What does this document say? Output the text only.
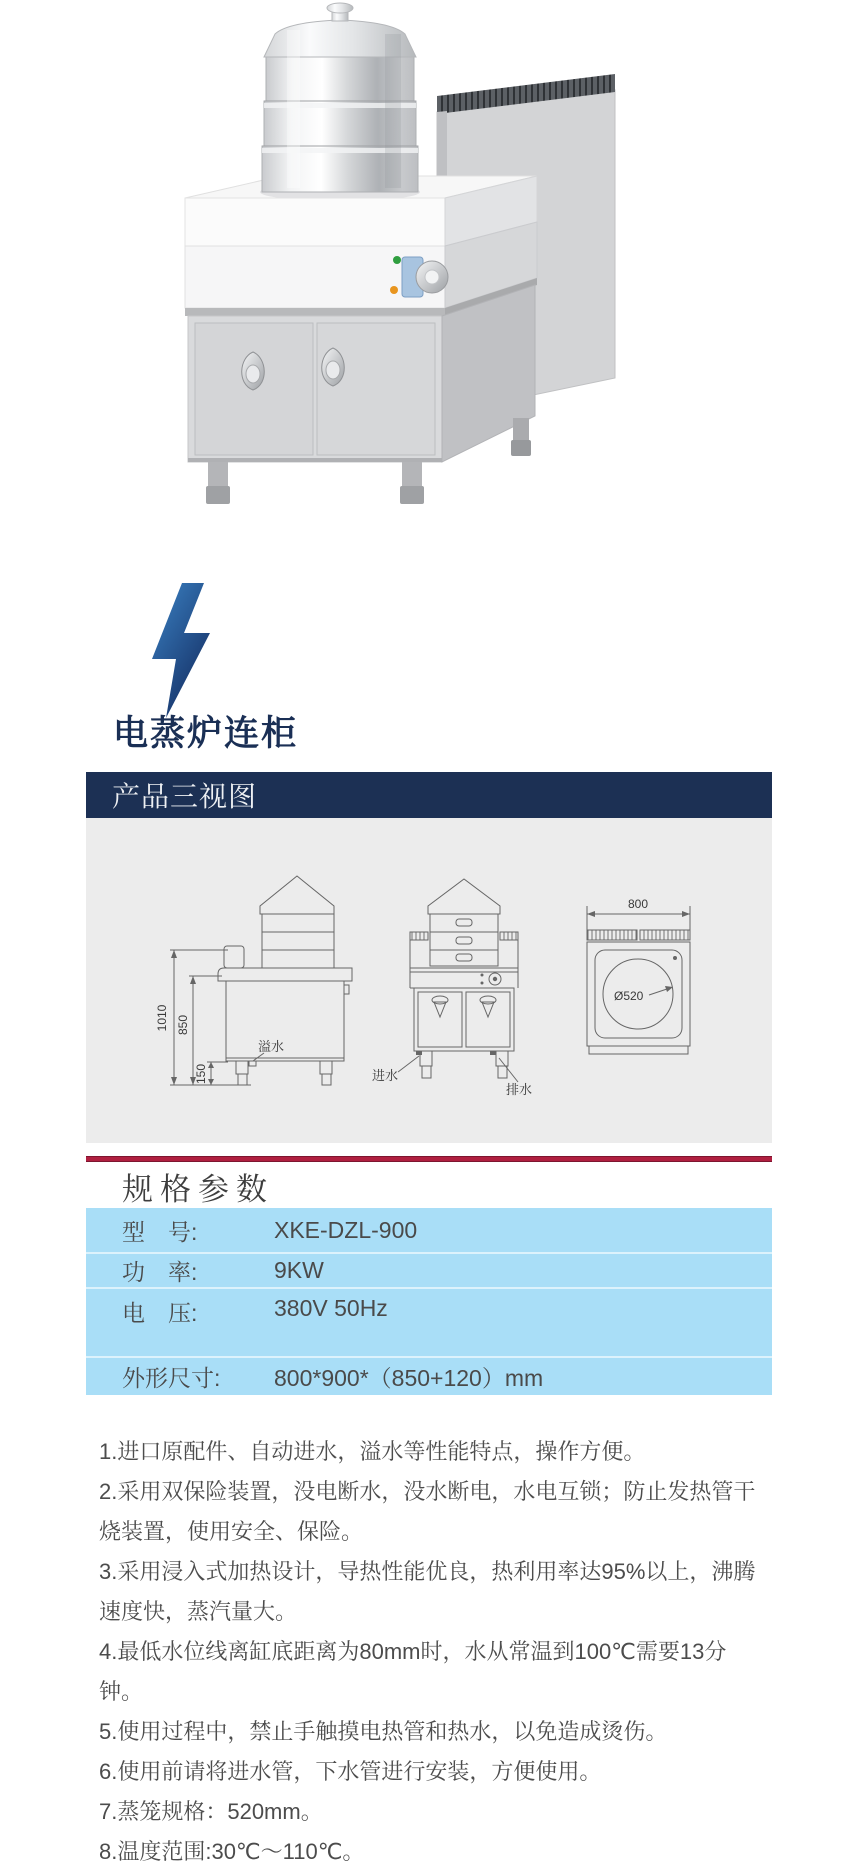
电蒸炉连柜
产品三视图
1010 850
150
溢水
进水
排水
800
Ø520
规格参数
型　号:	XKE-DZL-900
功　率:	9KW
电　压:	380V 50Hz
外形尺寸:	800*900*（850+120）mm

1.进口原配件、自动进水，溢水等性能特点，操作方便。

2.采用双保险装置，没电断水，没水断电，水电互锁；防止发热管干烧装置，使用安全、保险。

3.采用浸入式加热设计，导热性能优良，热利用率达95%以上，沸腾速度快，蒸汽量大。

4.最低水位线离缸底距离为80mm时，水从常温到100℃需要13分钟。

5.使用过程中，禁止手触摸电热管和热水，以免造成烫伤。

6.使用前请将进水管，下水管进行安装，方便使用。

7.蒸笼规格：520mm。

8.温度范围:30℃～110℃。
